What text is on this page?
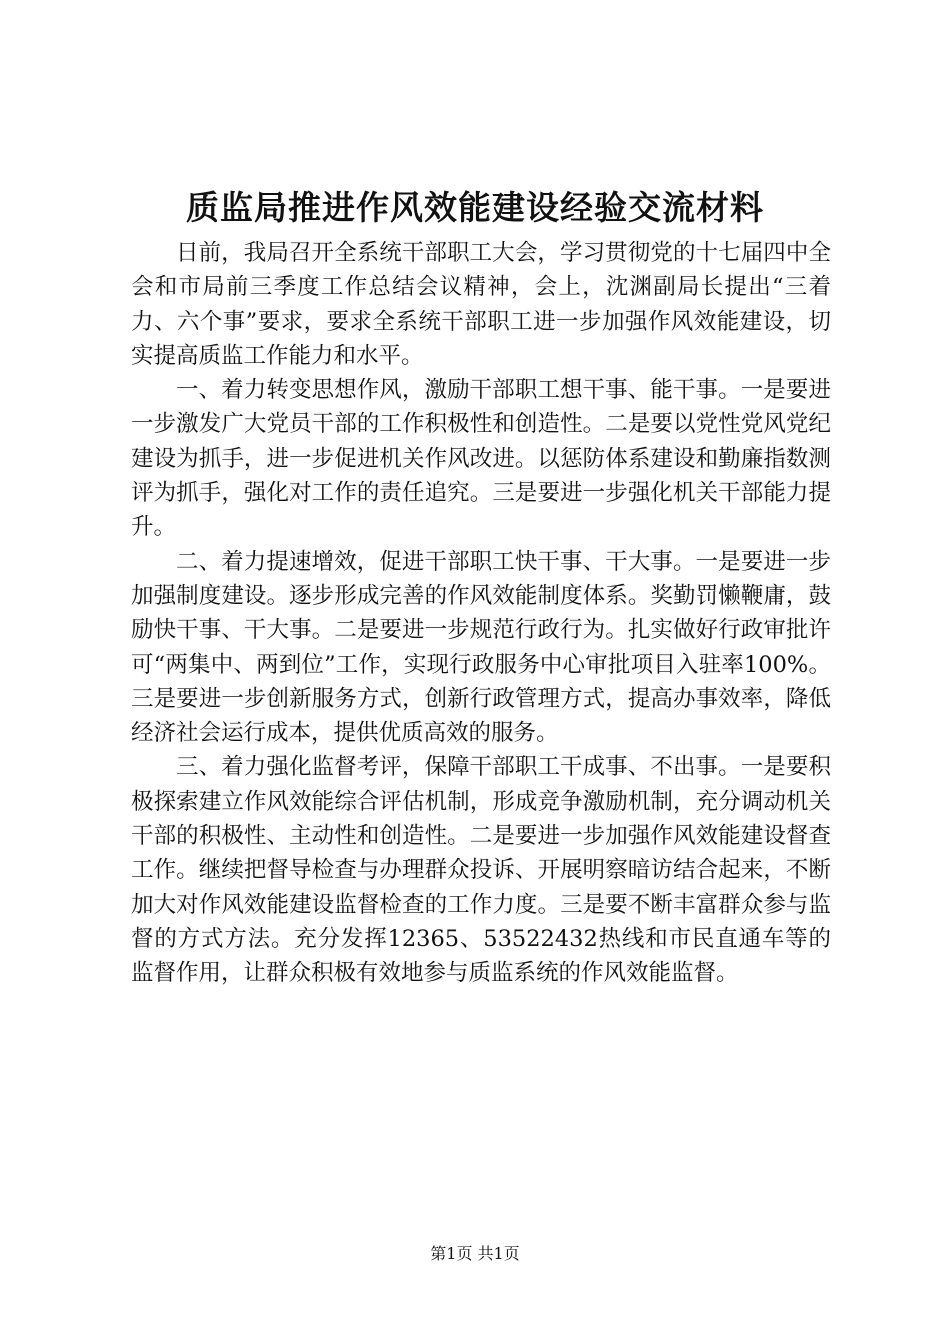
质监局推进作风效能建设经验交流材料

日前，我局召开全系统干部职工大会，学习贯彻党的十七届四中全会和市局前三季度工作总结会议精神，会上，沈渊副局长提出“三着力、六个事”要求，要求全系统干部职工进一步加强作风效能建设，切实提高质监工作能力和水平。

一、着力转变思想作风，激励干部职工想干事、能干事。一是要进一步激发广大党员干部的工作积极性和创造性。二是要以党性党风党纪建设为抓手，进一步促进机关作风改进。以惩防体系建设和勤廉指数测评为抓手，强化对工作的责任追究。三是要进一步强化机关干部能力提升。

二、着力提速增效，促进干部职工快干事、干大事。一是要进一步加强制度建设。逐步形成完善的作风效能制度体系。奖勤罚懒鞭庸，鼓励快干事、干大事。二是要进一步规范行政行为。扎实做好行政审批许可“两集中、两到位”工作，实现行政服务中心审批项目入驻率100%。三是要进一步创新服务方式，创新行政管理方式，提高办事效率，降低经济社会运行成本，提供优质高效的服务。

三、着力强化监督考评，保障干部职工干成事、不出事。一是要积极探索建立作风效能综合评估机制，形成竞争激励机制，充分调动机关干部的积极性、主动性和创造性。二是要进一步加强作风效能建设督查工作。继续把督导检查与办理群众投诉、开展明察暗访结合起来，不断加大对作风效能建设监督检查的工作力度。三是要不断丰富群众参与监督的方式方法。充分发挥12365、53522432热线和市民直通车等的监督作用，让群众积极有效地参与质监系统的作风效能监督。

第1页 共1页
